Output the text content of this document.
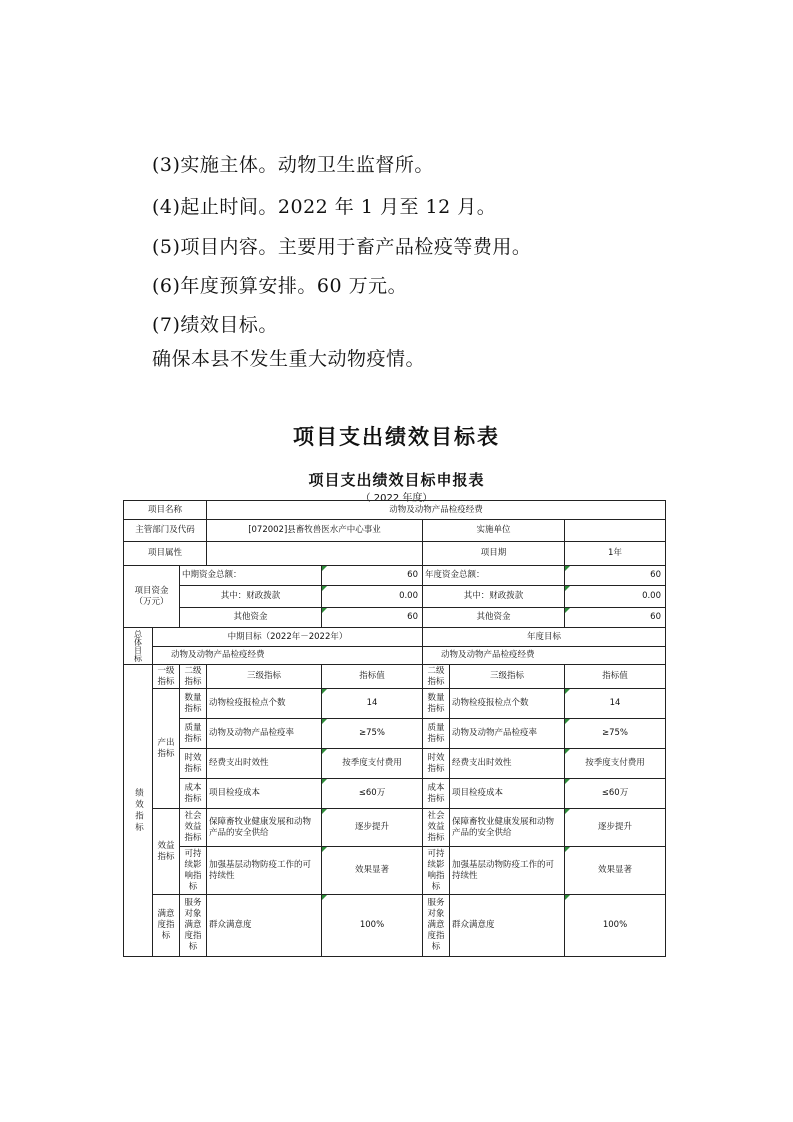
(3)实施主体。动物卫生监督所。
(4)起止时间。2022 年 1 月至 12 月。
(5)项目内容。主要用于畜产品检疫等费用。
(6)年度预算安排。60 万元。
(7)绩效目标。
确保本县不发生重大动物疫情。
项目支出绩效目标表
项目支出绩效目标申报表
（ 2022 年度）
项目名称			动物及动物产品检疫经费				
主管部门及代码			[072002]县畜牧兽医水产中心事业		实施单位		
项目属性					项目期		1年
项目资金
（万元）		中期资金总额：		60	年度资金总额：		60
		其中：财政拨款		0.00	其中：财政拨款		0.00
		其他资金		60	其他资金		60

总体目标	中期目标（2022年－2022年）				年度目标		
	动物及动物产品检疫经费				动物及动物产品检疫经费		

绩效指标	一级指标	二级指标	三级指标	指标值	二级指标	三级指标	指标值
	产出指标	数量指标	动物检疫报检点个数	14	数量指标	动物检疫报检点个数	14
		质量指标	动物及动物产品检疫率	≥75%	质量指标	动物及动物产品检疫率	≥75%
		时效指标	经费支出时效性	按季度支付费用	时效指标	经费支出时效性	按季度支付费用
		成本指标	项目检疫成本	≤60万	成本指标	项目检疫成本	≤60万
	效益指标	社会效益指标	保障畜牧业健康发展和动物产品的安全供给	逐步提升	社会效益指标	保障畜牧业健康发展和动物产品的安全供给	逐步提升
		可持续影响指标	加强基层动物防疫工作的可持续性	效果显著	可持续影响指标	加强基层动物防疫工作的可持续性	效果显著
	满意度指标	服务对象满意度指标	群众满意度	100%	服务对象满意度指标	群众满意度	100%
